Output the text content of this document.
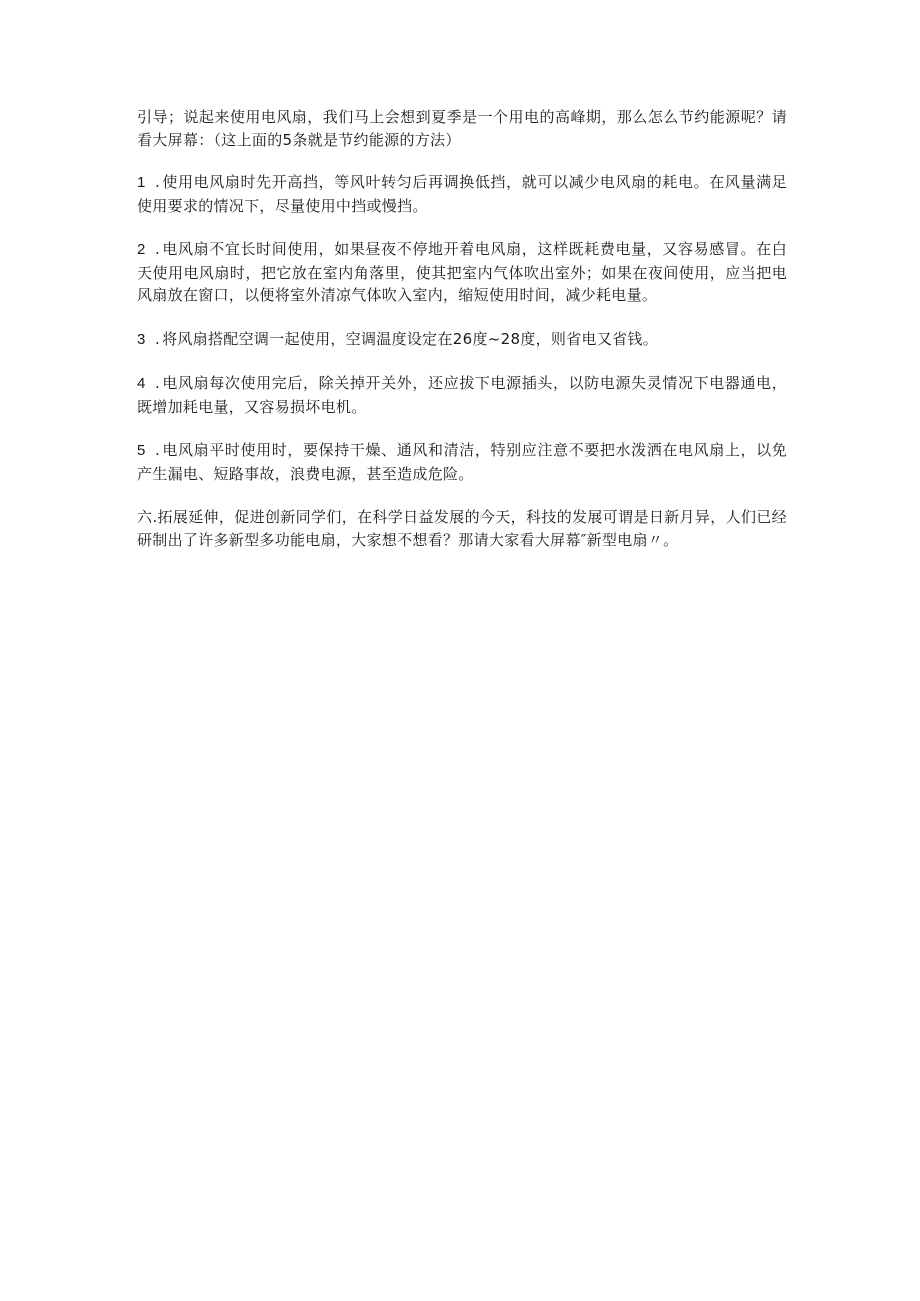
引导；说起来使用电风扇，我们马上会想到夏季是一个用电的高峰期，那么怎么节约能源呢？请看大屏幕：（这上面的5条就是节约能源的方法）

1 . 使用电风扇时先开高挡，等风叶转匀后再调换低挡，就可以减少电风扇的耗电。在风量满足使用要求的情况下，尽量使用中挡或慢挡。

2 . 电风扇不宜长时间使用，如果昼夜不停地开着电风扇，这样既耗费电量，又容易感冒。在白天使用电风扇时，把它放在室内角落里，使其把室内气体吹出室外；如果在夜间使用，应当把电风扇放在窗口，以便将室外清凉气体吹入室内，缩短使用时间，减少耗电量。

3 . 将风扇搭配空调一起使用，空调温度设定在26度~28度，则省电又省钱。

4 . 电风扇每次使用完后，除关掉开关外，还应拔下电源插头，以防电源失灵情况下电器通电，既增加耗电量，又容易损坏电机。

5 . 电风扇平时使用时，要保持干燥、通风和清洁，特别应注意不要把水泼洒在电风扇上，以免产生漏电、短路事故，浪费电源，甚至造成危险。

六.拓展延伸，促进创新同学们，在科学日益发展的今天，科技的发展可谓是日新月异，人们已经研制出了许多新型多功能电扇，大家想不想看？那请大家看大屏幕″新型电扇〃。
